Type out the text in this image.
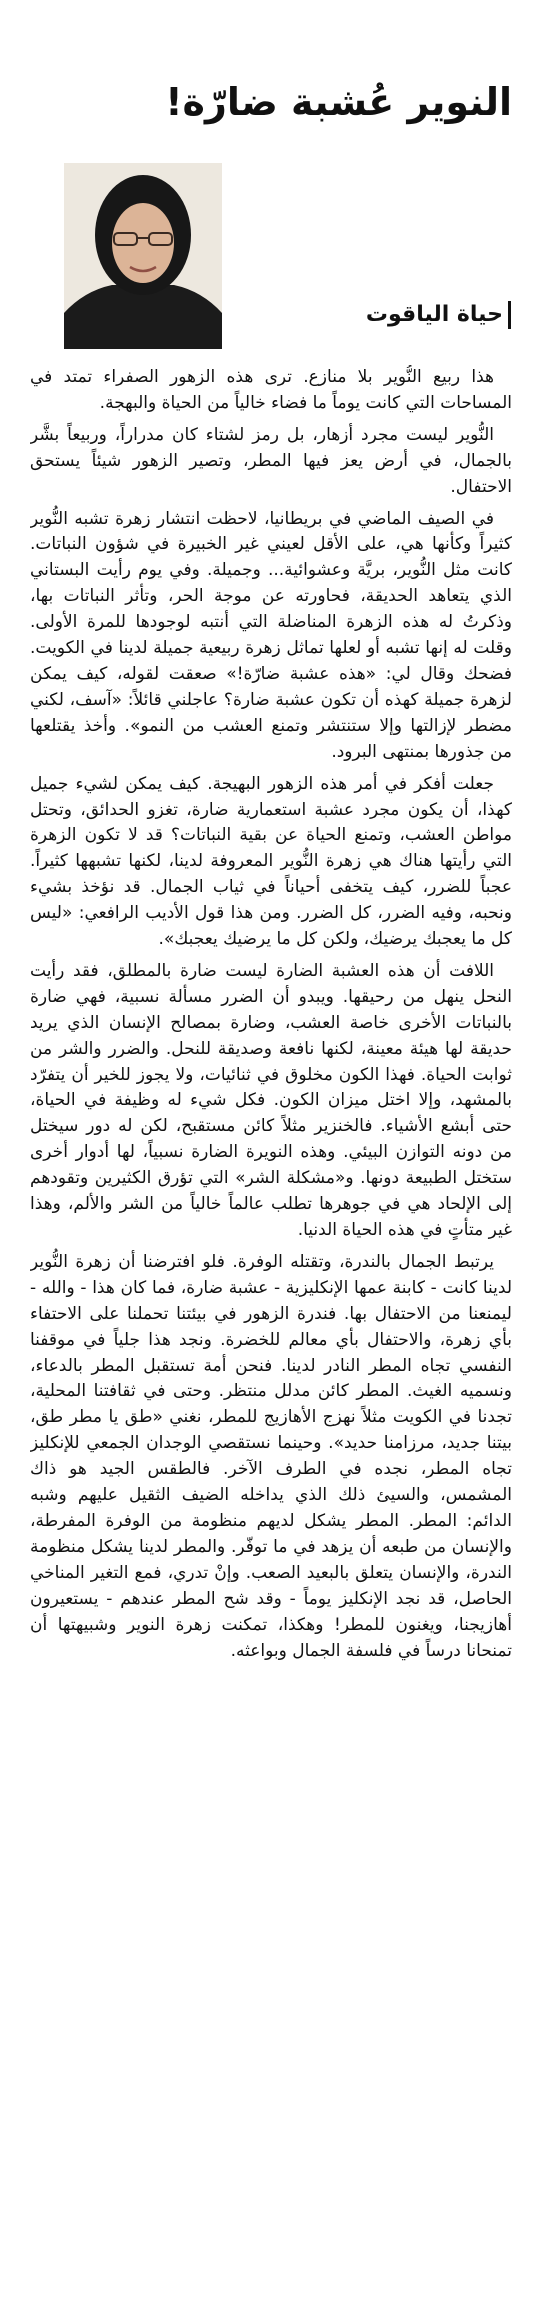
النوير عُشبة ضارّة!
حياة الياقوت

هذا ربيع النُّوير بلا منازع. ترى هذه الزهور الصفراء تمتد في المساحات التي كانت يوماً ما فضاء خالياً من الحياة والبهجة.

النُّوير ليست مجرد أزهار، بل رمز لشتاء كان مدراراً، وربيعاً بشَّر بالجمال، في أرض يعز فيها المطر، وتصير الزهور شيئاً يستحق الاحتفال.

في الصيف الماضي في بريطانيا، لاحظت انتشار زهرة تشبه النُّوير كثيراً وكأنها هي، على الأقل لعيني غير الخبيرة في شؤون النباتات. كانت مثل النُّوير، بريَّة وعشوائية... وجميلة. وفي يوم رأيت البستاني الذي يتعاهد الحديقة، فحاورته عن موجة الحر، وتأثر النباتات بها، وذكرتُ له هذه الزهرة المناضلة التي أنتبه لوجودها للمرة الأولى. وقلت له إنها تشبه أو لعلها تماثل زهرة ربيعية جميلة لدينا في الكويت. فضحك وقال لي: «هذه عشبة ضارّة!» صعقت لقوله، كيف يمكن لزهرة جميلة كهذه أن تكون عشبة ضارة؟ عاجلني قائلاً: «آسف، لكني مضطر لإزالتها وإلا ستنتشر وتمنع العشب من النمو». وأخذ يقتلعها من جذورها بمنتهى البرود.

جعلت أفكر في أمر هذه الزهور البهيجة. كيف يمكن لشيء جميل كهذا، أن يكون مجرد عشبة استعمارية ضارة، تغزو الحدائق، وتحتل مواطن العشب، وتمنع الحياة عن بقية النباتات؟ قد لا تكون الزهرة التي رأيتها هناك هي زهرة النُّوير المعروفة لدينا، لكنها تشبهها كثيراً. عجباً للضرر، كيف يتخفى أحياناً في ثياب الجمال. قد نؤخذ بشيء ونحبه، وفيه الضرر، كل الضرر. ومن هذا قول الأديب الرافعي: «ليس كل ما يعجبك يرضيك، ولكن كل ما يرضيك يعجبك».

اللافت أن هذه العشبة الضارة ليست ضارة بالمطلق، فقد رأيت النحل ينهل من رحيقها. ويبدو أن الضرر مسألة نسبية، فهي ضارة بالنباتات الأخرى خاصة العشب، وضارة بمصالح الإنسان الذي يريد حديقة لها هيئة معينة، لكنها نافعة وصديقة للنحل. والضرر والشر من ثوابت الحياة. فهذا الكون مخلوق في ثنائيات، ولا يجوز للخير أن يتفرّد بالمشهد، وإلا اختل ميزان الكون. فكل شيء له وظيفة في الحياة، حتى أبشع الأشياء. فالخنزير مثلاً كائن مستقبح، لكن له دور سيختل من دونه التوازن البيئي. وهذه النويرة الضارة نسبياً، لها أدوار أخرى ستختل الطبيعة دونها. و«مشكلة الشر» التي تؤرق الكثيرين وتقودهم إلى الإلحاد هي في جوهرها تطلب عالماً خالياً من الشر والألم، وهذا غير متأتٍ في هذه الحياة الدنيا.

يرتبط الجمال بالندرة، وتقتله الوفرة. فلو افترضنا أن زهرة النُّوير لدينا كانت - كابنة عمها الإنكليزية - عشبة ضارة، فما كان هذا - والله - ليمنعنا من الاحتفال بها. فندرة الزهور في بيئتنا تحملنا على الاحتفاء بأي زهرة، والاحتفال بأي معالم للخضرة. ونجد هذا جلياً في موقفنا النفسي تجاه المطر النادر لدينا. فنحن أمة تستقبل المطر بالدعاء، ونسميه الغيث. المطر كائن مدلل منتظر. وحتى في ثقافتنا المحلية، تجدنا في الكويت مثلاً نهزج الأهازيج للمطر، نغني «طق يا مطر طق، بيتنا جديد، مرزامنا حديد». وحينما نستقصي الوجدان الجمعي للإنكليز تجاه المطر، نجده في الطرف الآخر. فالطقس الجيد هو ذاك المشمس، والسيئ ذلك الذي يداخله الضيف الثقيل عليهم وشبه الدائم: المطر. المطر يشكل لديهم منظومة من الوفرة المفرطة، والإنسان من طبعه أن يزهد في ما توفّر. والمطر لدينا يشكل منظومة الندرة، والإنسان يتعلق بالبعيد الصعب. وإنْ تدري، فمع التغير المناخي الحاصل، قد نجد الإنكليز يوماً - وقد شح المطر عندهم - يستعيرون أهازيجنا، ويغنون للمطر! وهكذا، تمكنت زهرة النوير وشبيهتها أن تمنحانا درساً في فلسفة الجمال وبواعثه.
